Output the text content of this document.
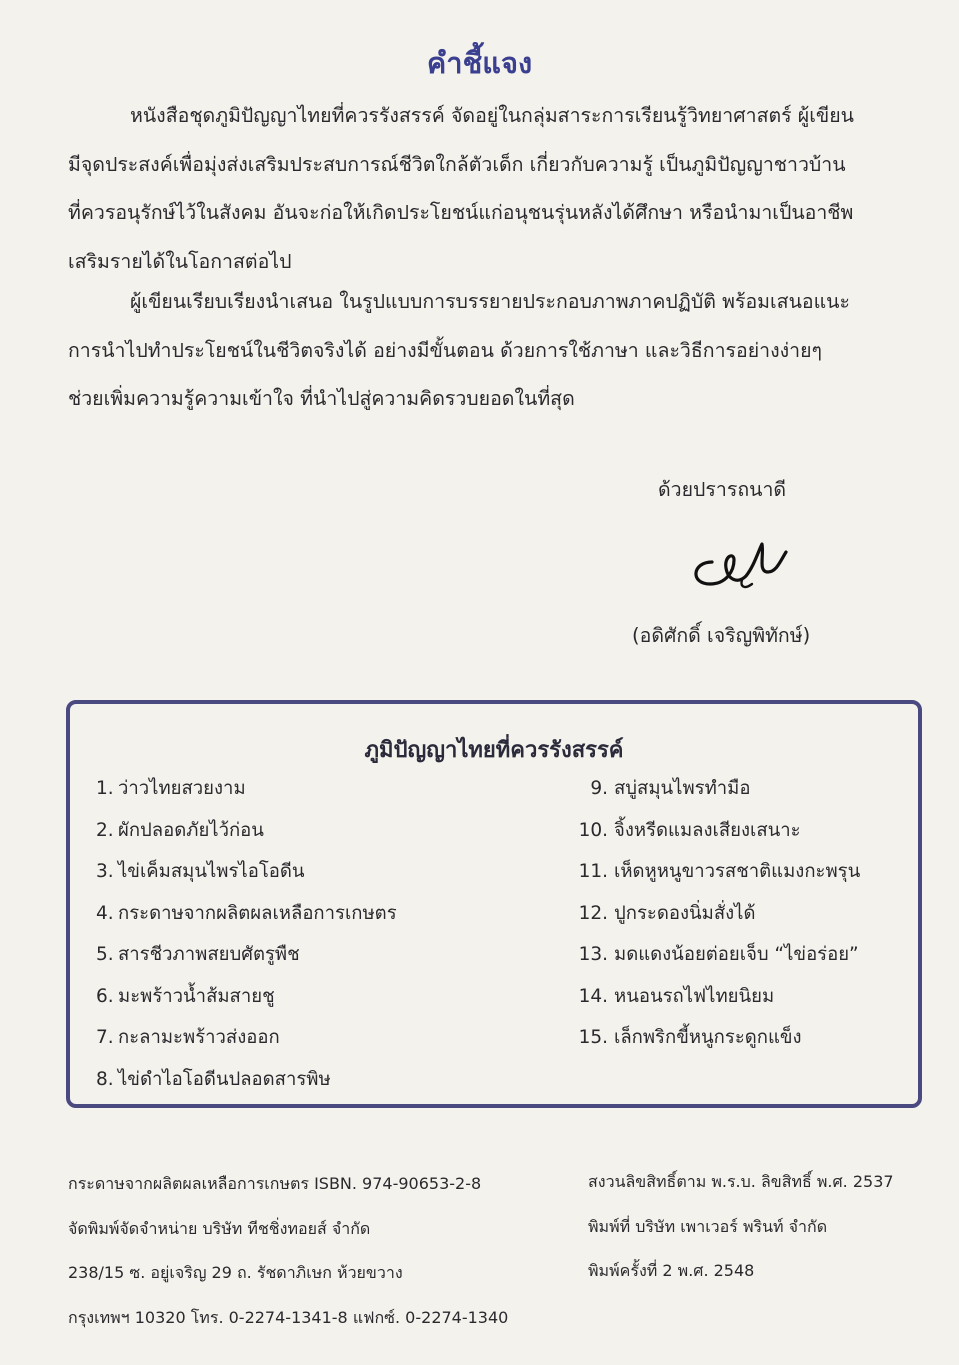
คำชี้แจง
หนังสือชุดภูมิปัญญาไทยที่ควรรังสรรค์ จัดอยู่ในกลุ่มสาระการเรียนรู้วิทยาศาสตร์ ผู้เขียน
มีจุดประสงค์เพื่อมุ่งส่งเสริมประสบการณ์ชีวิตใกล้ตัวเด็ก เกี่ยวกับความรู้ เป็นภูมิปัญญาชาวบ้าน
ที่ควรอนุรักษ์ไว้ในสังคม อันจะก่อให้เกิดประโยชน์แก่อนุชนรุ่นหลังได้ศึกษา หรือนำมาเป็นอาชีพ
เสริมรายได้ในโอกาสต่อไป
ผู้เขียนเรียบเรียงนำเสนอ ในรูปแบบการบรรยายประกอบภาพภาคปฏิบัติ พร้อมเสนอแนะ
การนำไปทำประโยชน์ในชีวิตจริงได้ อย่างมีขั้นตอน ด้วยการใช้ภาษา และวิธีการอย่างง่ายๆ
ช่วยเพิ่มความรู้ความเข้าใจ ที่นำไปสู่ความคิดรวบยอดในที่สุด
ด้วยปรารถนาดี
(อดิศักดิ์ เจริญพิทักษ์)
ภูมิปัญญาไทยที่ควรรังสรรค์
1. ว่าวไทยสวยงาม
2. ผักปลอดภัยไว้ก่อน
3. ไข่เค็มสมุนไพรไอโอดีน
4. กระดาษจากผลิตผลเหลือการเกษตร
5. สารชีวภาพสยบศัตรูพืช
6. มะพร้าวน้ำส้มสายชู
7. กะลามะพร้าวส่งออก
8. ไข่ดำไอโอดีนปลอดสารพิษ
9. สบู่สมุนไพรทำมือ
10. จิ้งหรีดแมลงเสียงเสนาะ
11. เห็ดหูหนูขาวรสชาติแมงกะพรุน
12. ปูกระดองนิ่มสั่งได้
13. มดแดงน้อยต่อยเจ็บ “ไข่อร่อย”
14. หนอนรถไฟไทยนิยม
15. เล็กพริกขี้หนูกระดูกแข็ง
กระดาษจากผลิตผลเหลือการเกษตร ISBN. 974-90653-2-8
จัดพิมพ์จัดจำหน่าย บริษัท ทีชชิ่งทอยส์ จำกัด
238/15 ซ. อยู่เจริญ 29 ถ. รัชดาภิเษก ห้วยขวาง
กรุงเทพฯ 10320 โทร. 0-2274-1341-8 แฟกซ์. 0-2274-1340
สงวนลิขสิทธิ์ตาม พ.ร.บ. ลิขสิทธิ์ พ.ศ. 2537
พิมพ์ที่ บริษัท เพาเวอร์ พรินท์ จำกัด
พิมพ์ครั้งที่ 2 พ.ศ. 2548
